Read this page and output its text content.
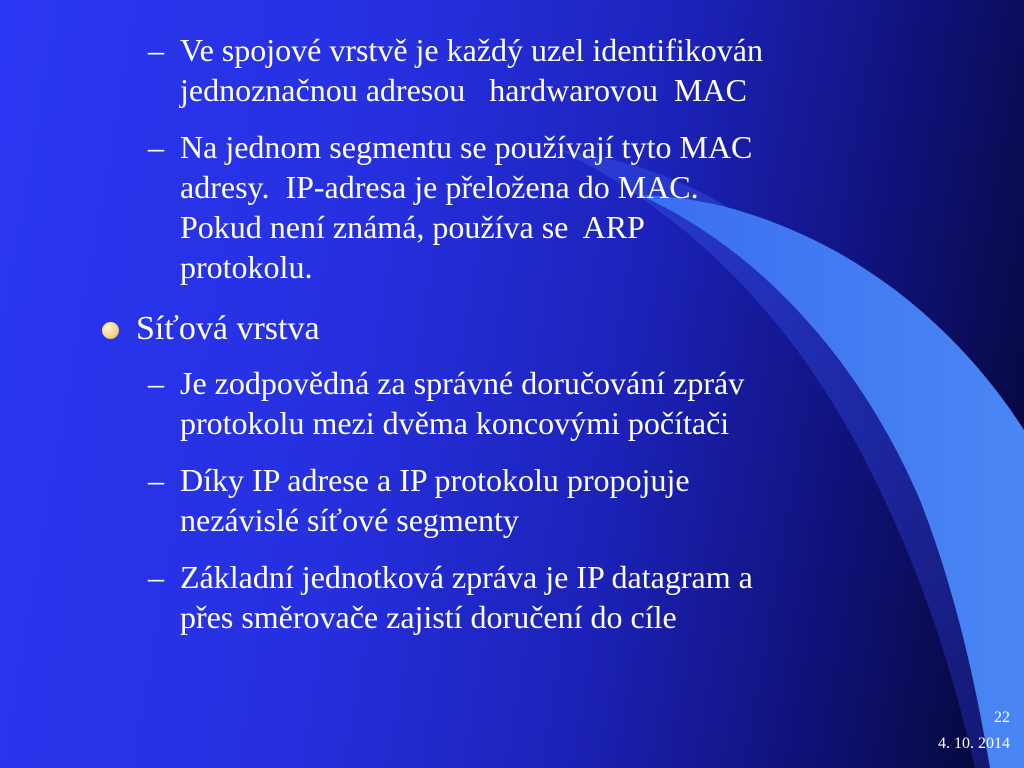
– Ve spojové vrstvě je každý uzel identifikován
jednoznačnou adresou   hardwarovou  MAC
– Na jednom segmentu se používají tyto MAC
adresy.  IP-adresa je přeložena do MAC.
Pokud není známá, používa se  ARP
protokolu.
Síťová vrstva
– Je zodpovědná za správné doručování zpráv
protokolu mezi dvěma koncovými počítači
– Díky IP adrese a IP protokolu propojuje
nezávislé síťové segmenty
– Základní jednotková zpráva je IP datagram a
přes směrovače zajistí doručení do cíle
22
4. 10. 2014
